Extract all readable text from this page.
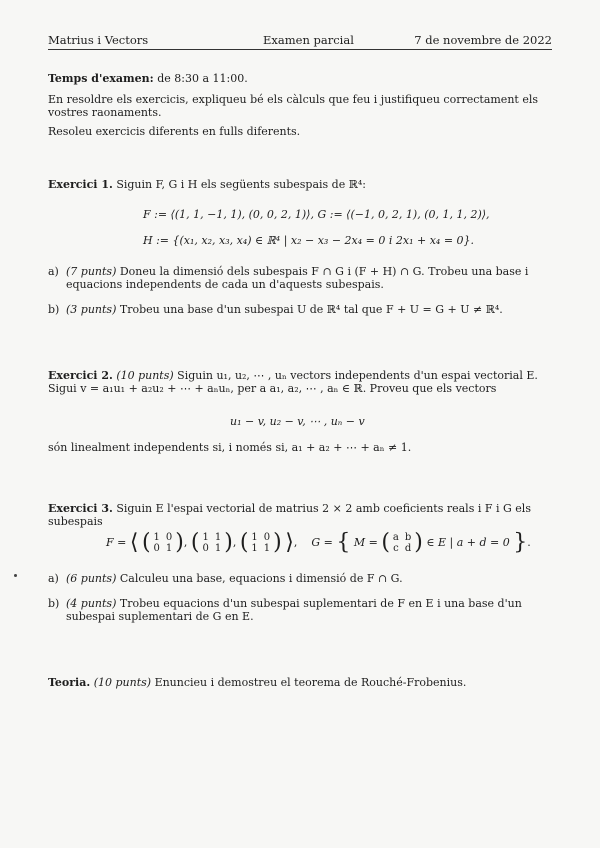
Matrius i Vectors	Examen parcial	7 de novembre de 2022
Temps d'examen: de 8:30 a 11:00.
En resoldre els exercicis, expliqueu bé els càlculs que feu i justifiqueu correctament els vostres raonaments.
Resoleu exercicis diferents en fulls diferents.
Exercici 1. Siguin F, G i H els següents subespais de ℝ⁴:
F := ⟨(1, 1, −1, 1), (0, 0, 2, 1)⟩, G := ⟨(−1, 0, 2, 1), (0, 1, 1, 2)⟩,
H := {(x₁, x₂, x₃, x₄) ∈ ℝ⁴ | x₂ − x₃ − 2x₄ = 0 i 2x₁ + x₄ = 0}.
a) (7 punts) Doneu la dimensió dels subespais F ∩ G i (F + H) ∩ G. Trobeu una base i equacions independents de cada un d'aquests subespais.
b) (3 punts) Trobeu una base d'un subespai U de ℝ⁴ tal que F + U = G + U ≠ ℝ⁴.
Exercici 2. (10 punts) Siguin u₁, u₂, ⋯ , uₙ vectors independents d'un espai vectorial E. Sigui v = a₁u₁ + a₂u₂ + ⋯ + aₙuₙ, per a a₁, a₂, ⋯ , aₙ ∈ ℝ. Proveu que els vectors
u₁ − v, u₂ − v, ⋯ , uₙ − v
són linealment independents si, i només si, a₁ + a₂ + ⋯ + aₙ ≠ 1.
Exercici 3. Siguin E l'espai vectorial de matrius 2 × 2 amb coeficients reals i F i G els subespais
F = ⟨ ( 1	0
0	1 ), ( 1	1
0	1 ), ( 1	0
1	1 ) ⟩,    G = { M = ( a	b
c	d ) ∈ E | a + d = 0 }.
a) (6 punts) Calculeu una base, equacions i dimensió de F ∩ G.
b) (4 punts) Trobeu equacions d'un subespai suplementari de F en E i una base d'un subespai suplementari de G en E.
Teoria. (10 punts) Enuncieu i demostreu el teorema de Rouché-Frobenius.
